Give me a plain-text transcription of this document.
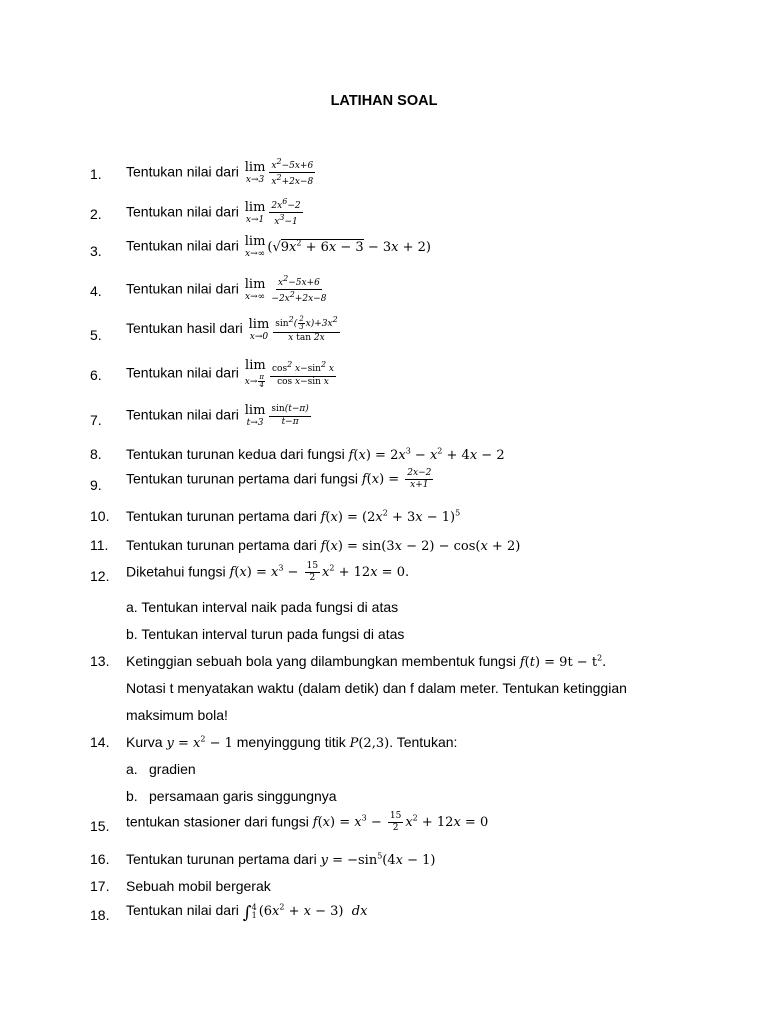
LATIHAN SOAL
1.	Tentukan nilai dari lim
$x\to 3 \frac{x^2-5x+6}{x^2+2x-8}$
2.	Tentukan nilai dari lim
$x\to 1 \frac{2x^6-2}{x^3-1}$
3.	Tentukan nilai dari lim
x→∞ $(√9x^2 + 6x - 3 - 3x + 2)$
4.	Tentukan nilai dari lim
$x\to\infty \frac{x^2-5x+6}{-2x^2+2x-8}$
5.	Tentukan hasil dari lim
$x\to 0 \frac{\sin^2( \frac{2}{3} x)+3x^2}{\text{x tan 2x}}$
6.	Tentukan nilai dari lim
$x\to \frac{\pi}{4} \frac{\cos^2 x-\sin^2 x}{\text{cos x−sin x}}$
7.	Tentukan nilai dari lim
$t\to 3 \frac{\sin(t-\pi)}{t-\pi}$
8.	Tentukan turunan kedua dari fungsi $f(x) = 2x^3 - x^2 + 4x - 2$
9.	Tentukan turunan pertama dari fungsi $f(x) = \frac{2x-2}{x+1}$
10.	Tentukan turunan pertama dari $f(x) = (2x^2 + 3x - 1)^5$
11.	Tentukan turunan pertama dari f(x) = sin(3x − 2) − cos(x + 2)
12.	Diketahui fungsi $f(x) = x^3 - \frac{15}{2} x^2 + 12x = 0$.
a. Tentukan interval naik pada fungsi di atas
b. Tentukan interval turun pada fungsi di atas
13.	Ketinggian sebuah bola yang dilambungkan membentuk fungsi $f(t) = 9t - t^2$.
Notasi t menyatakan waktu (dalam detik) dan f dalam meter. Tentukan ketinggian
maksimum bola!
14.	Kurva $y = x^2 - 1$ menyinggung titik P(2,3). Tentukan:
a. gradien
b. persamaan garis singgungnya
15.	tentukan stasioner dari fungsi $f(x) = x^3 - \frac{15}{2} x^2 + 12x = 0$
16.	Tentukan turunan pertama dari $y = -\sin^5(4x - 1)$
17.	Sebuah mobil bergerak
18.	Tentukan nilai dari ∫ 4
1 $(6x^2 + x - 3)$  dx
